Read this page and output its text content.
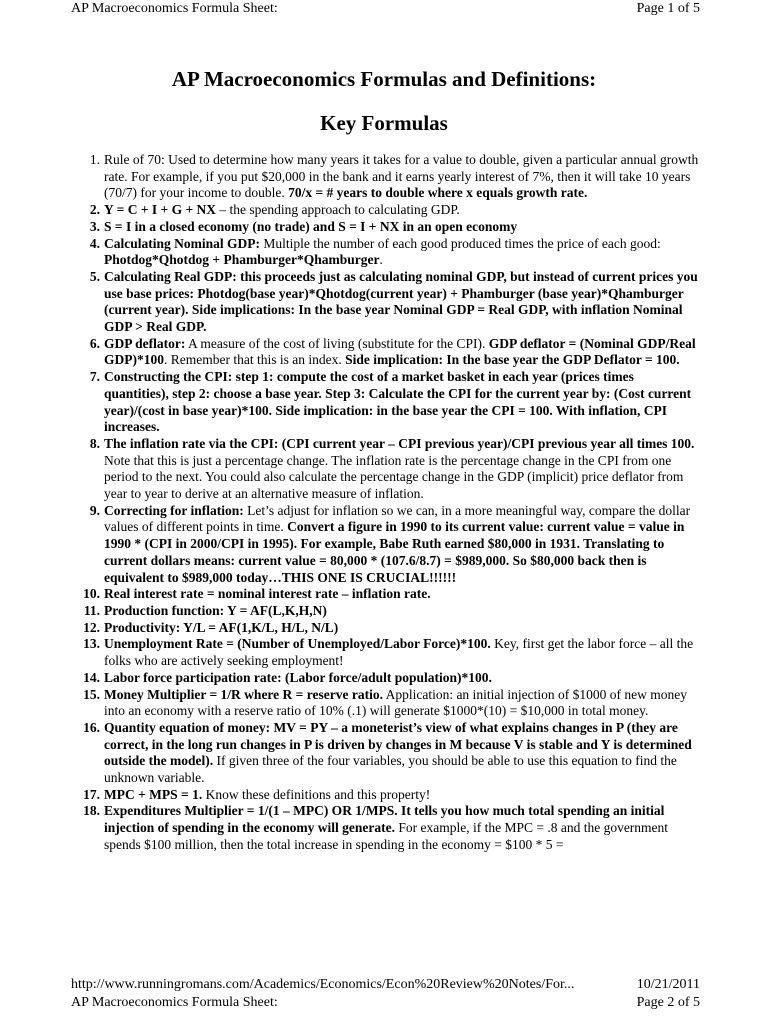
AP Macroeconomics Formula Sheet:	Page 1 of 5
AP Macroeconomics Formulas and Definitions:
Key Formulas
1. Rule of 70: Used to determine how many years it takes for a value to double, given a particular annual growth rate. For example, if you put $20,000 in the bank and it earns yearly interest of 7%, then it will take 10 years (70/7) for your income to double. 70/x = # years to double where x equals growth rate.
2. Y = C + I + G + NX – the spending approach to calculating GDP.
3. S = I in a closed economy (no trade) and S = I + NX in an open economy
4. Calculating Nominal GDP: Multiple the number of each good produced times the price of each good: Photdog*Qhotdog + Phamburger*Qhamburger.
5. Calculating Real GDP: this proceeds just as calculating nominal GDP, but instead of current prices you use base prices: Photdog(base year)*Qhotdog(current year) + Phamburger (base year)*Qhamburger (current year). Side implications: In the base year Nominal GDP = Real GDP, with inflation Nominal GDP > Real GDP.
6. GDP deflator: A measure of the cost of living (substitute for the CPI). GDP deflator = (Nominal GDP/Real GDP)*100. Remember that this is an index. Side implication: In the base year the GDP Deflator = 100.
7. Constructing the CPI: step 1: compute the cost of a market basket in each year (prices times quantities), step 2: choose a base year. Step 3: Calculate the CPI for the current year by: (Cost current year)/(cost in base year)*100. Side implication: in the base year the CPI = 100. With inflation, CPI increases.
8. The inflation rate via the CPI: (CPI current year – CPI previous year)/CPI previous year all times 100. Note that this is just a percentage change. The inflation rate is the percentage change in the CPI from one period to the next. You could also calculate the percentage change in the GDP (implicit) price deflator from year to year to derive at an alternative measure of inflation.
9. Correcting for inflation: Let’s adjust for inflation so we can, in a more meaningful way, compare the dollar values of different points in time. Convert a figure in 1990 to its current value: current value = value in 1990 * (CPI in 2000/CPI in 1995). For example, Babe Ruth earned $80,000 in 1931. Translating to current dollars means: current value = 80,000 * (107.6/8.7) = $989,000. So $80,000 back then is equivalent to $989,000 today…THIS ONE IS CRUCIAL!!!!!!
10. Real interest rate = nominal interest rate – inflation rate.
11. Production function: Y = AF(L,K,H,N)
12. Productivity: Y/L = AF(1,K/L, H/L, N/L)
13. Unemployment Rate = (Number of Unemployed/Labor Force)*100. Key, first get the labor force – all the folks who are actively seeking employment!
14. Labor force participation rate: (Labor force/adult population)*100.
15. Money Multiplier = 1/R where R = reserve ratio. Application: an initial injection of $1000 of new money into an economy with a reserve ratio of 10% (.1) will generate $1000*(10) = $10,000 in total money.
16. Quantity equation of money: MV = PY – a moneterist’s view of what explains changes in P (they are correct, in the long run changes in P is driven by changes in M because V is stable and Y is determined outside the model). If given three of the four variables, you should be able to use this equation to find the unknown variable.
17. MPC + MPS = 1. Know these definitions and this property!
18. Expenditures Multiplier = 1/(1 – MPC) OR 1/MPS. It tells you how much total spending an initial injection of spending in the economy will generate. For example, if the MPC = .8 and the government spends $100 million, then the total increase in spending in the economy = $100 * 5 =
http://www.runningromans.com/Academics/Economics/Econ%20Review%20Notes/For...	10/21/2011
AP Macroeconomics Formula Sheet:	Page 2 of 5
